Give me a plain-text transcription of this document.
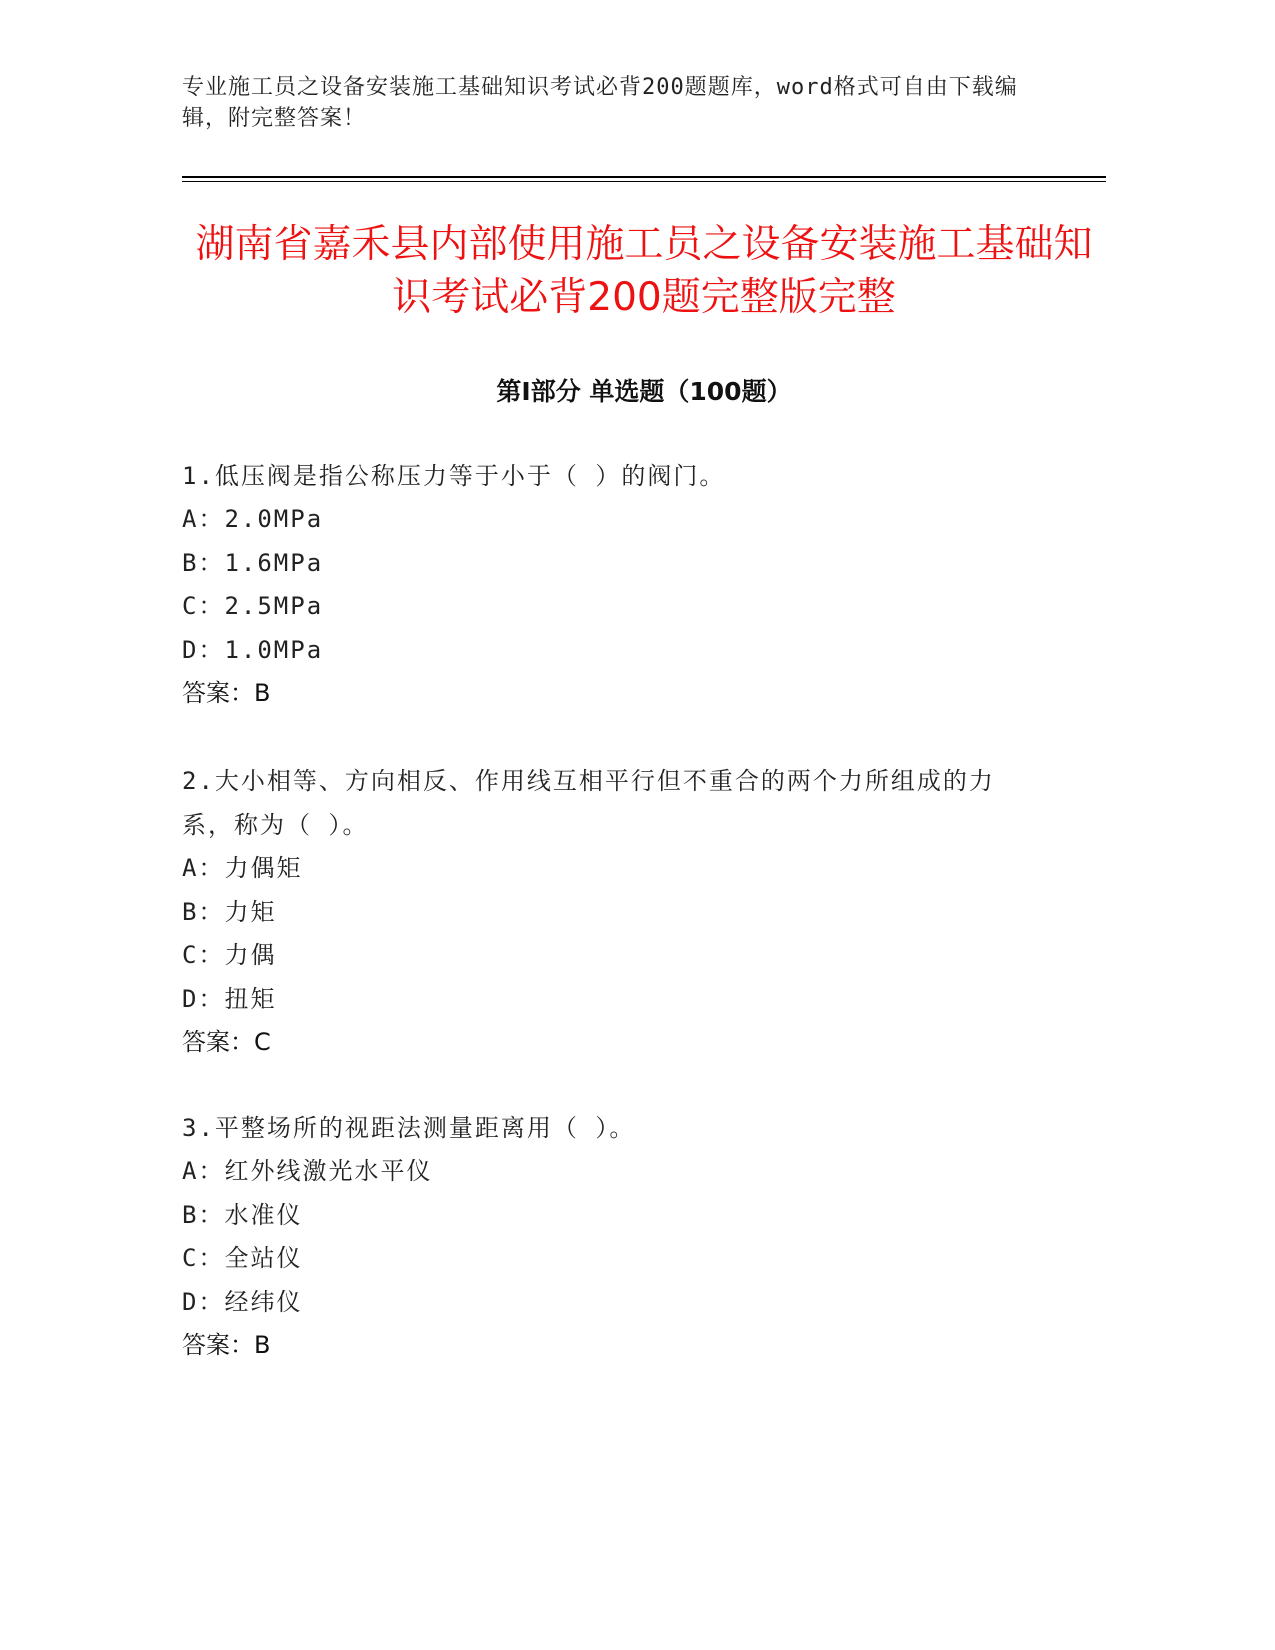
专业施工员之设备安装施工基础知识考试必背200题题库，word格式可自由下载编辑，附完整答案！
湖南省嘉禾县内部使用施工员之设备安装施工基础知识考试必背200题完整版完整
第Ⅰ部分 单选题（100题）
1.低压阀是指公称压力等于小于（ ）的阀门。
A：2.0MPa
B：1.6MPa
C：2.5MPa
D：1.0MPa
答案：B
2.大小相等、方向相反、作用线互相平行但不重合的两个力所组成的力系，称为（ ）。
A：力偶矩
B：力矩
C：力偶
D：扭矩
答案：C
3.平整场所的视距法测量距离用（ ）。
A：红外线激光水平仪
B：水准仪
C：全站仪
D：经纬仪
答案：B
